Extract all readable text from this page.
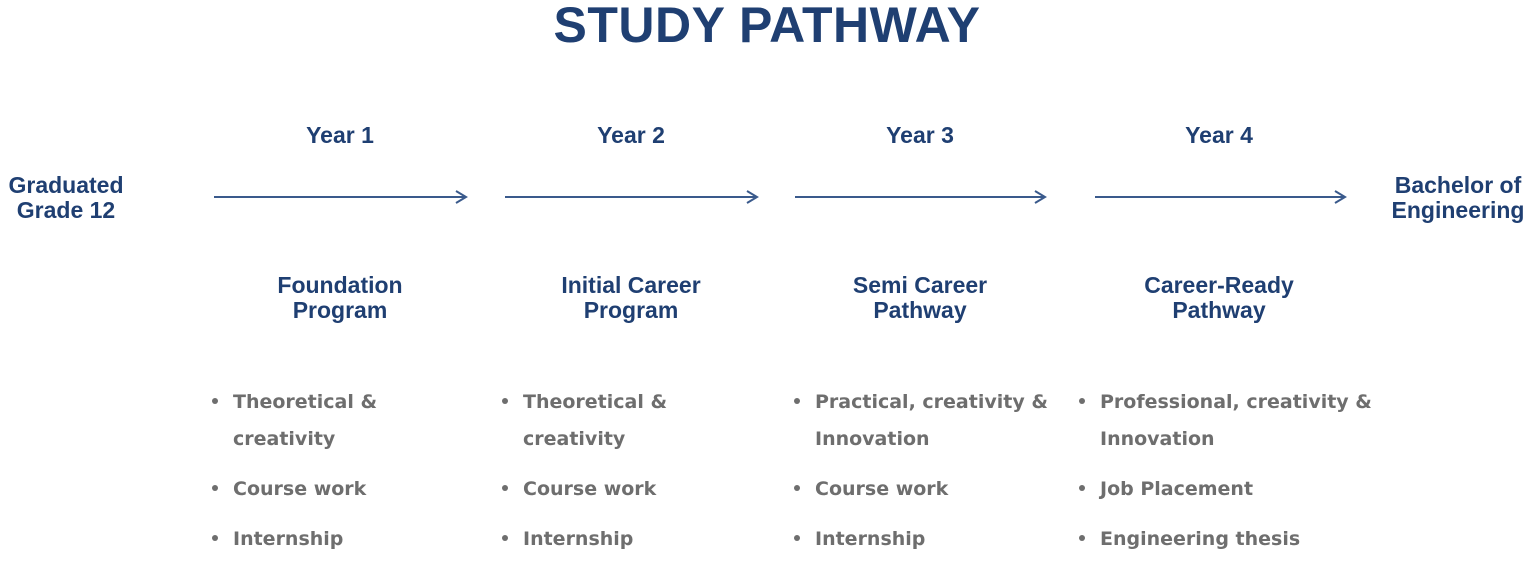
STUDY PATHWAY
Graduated
Grade 12
Bachelor of
Engineering
Year 1
Foundation
Program
Theoretical &
creativity
Course work
Internship
Year 2
Initial Career
Program
Theoretical &
creativity
Course work
Internship
Year 3
Semi Career
Pathway
Practical, creativity &
Innovation
Course work
Internship
Year 4
Career-Ready
Pathway
Professional, creativity &
Innovation
Job Placement
Engineering thesis
